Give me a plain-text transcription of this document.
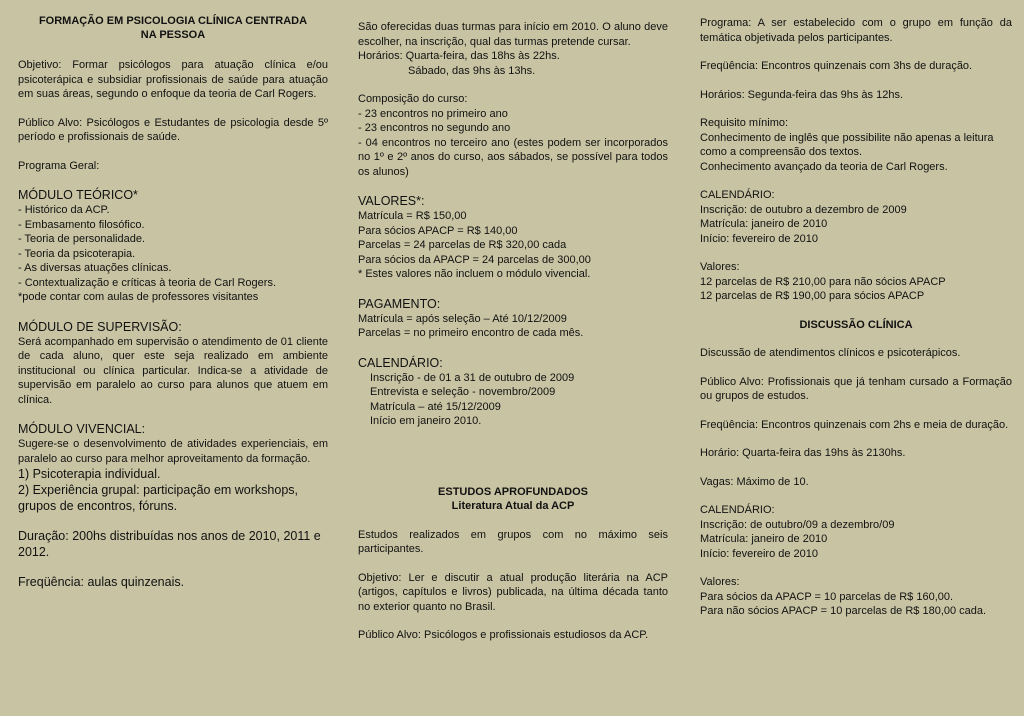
FORMAÇÃO EM PSICOLOGIA CLÍNICA CENTRADA
NA PESSOA

Objetivo: Formar psicólogos para atuação clínica e/ou psicoterápica e subsidiar profissionais de saúde para atuação em suas áreas, segundo o enfoque da teoria de Carl Rogers.

Público Alvo: Psicólogos e Estudantes de psicologia desde 5º período e profissionais de saúde.

Programa Geral:

MÓDULO TEÓRICO*

- Histórico da ACP.
- Embasamento filosófico.
- Teoria de personalidade.
- Teoria da psicoterapia.
- As diversas atuações clínicas.
- Contextualização e críticas à teoria de Carl Rogers.
*pode contar com aulas de professores visitantes

MÓDULO DE SUPERVISÃO:

Será acompanhado em supervisão o atendimento de 01 cliente de cada aluno, quer este seja realizado em ambiente institucional ou clínica particular. Indica-se a atividade de supervisão em paralelo ao curso para alunos que atuem em clínica.

MÓDULO VIVENCIAL:

Sugere-se o desenvolvimento de atividades experienciais, em paralelo ao curso para melhor aproveitamento da formação.

1) Psicoterapia individual.
2) Experiência grupal: participação em workshops, grupos de encontros, fóruns.

Duração: 200hs distribuídas nos anos de 2010, 2011 e 2012.

Freqüência: aulas quinzenais.

São oferecidas duas turmas para início em 2010. O aluno deve escolher, na inscrição, qual das turmas pretende cursar.

Horários: Quarta-feira, das 18hs às 22hs.

Sábado, das 9hs às 13hs.

Composição do curso:

- 23 encontros no primeiro ano
- 23 encontros no segundo ano

- 04 encontros no terceiro ano (estes podem ser incorporados no 1º e 2º anos do curso, aos sábados, se possível para todos os alunos)

VALORES*:

Matrícula = R$ 150,00
Para sócios APACP = R$ 140,00
Parcelas = 24 parcelas de R$ 320,00 cada
Para sócios da APACP = 24 parcelas de 300,00
* Estes valores não incluem o módulo vivencial.

PAGAMENTO:

Matrícula = após seleção – Até 10/12/2009
Parcelas = no primeiro encontro de cada mês.

CALENDÁRIO:

Inscrição - de 01 a 31 de outubro de 2009

Entrevista e seleção - novembro/2009
Matrícula – até 15/12/2009
Início em janeiro 2010.

ESTUDOS APROFUNDADOS

Literatura Atual da ACP

Estudos realizados em grupos com no máximo seis participantes.

Objetivo: Ler e discutir a atual produção literária na ACP (artigos, capítulos e livros) publicada, na última década tanto no exterior quanto no Brasil.

Público Alvo: Psicólogos e profissionais estudiosos da ACP.

Programa: A ser estabelecido com o grupo em função da temática objetivada pelos participantes.

Freqüência: Encontros quinzenais com 3hs de duração.

Horários: Segunda-feira das 9hs às 12hs.

Requisito mínimo:

Conhecimento de inglês que possibilite não apenas a leitura como a compreensão dos textos.

Conhecimento avançado da teoria de Carl Rogers.

CALENDÁRIO:

Inscrição: de outubro a dezembro de 2009
Matrícula: janeiro de 2010
Início: fevereiro de 2010

Valores:

12 parcelas de R$ 210,00 para não sócios APACP
12 parcelas de R$ 190,00 para sócios APACP

DISCUSSÃO CLÍNICA

Discussão de atendimentos clínicos e psicoterápicos.

Público Alvo: Profissionais que já tenham cursado a Formação ou grupos de estudos.

Freqüência: Encontros quinzenais com 2hs e meia de duração.

Horário: Quarta-feira das 19hs às 2130hs.

Vagas: Máximo de 10.

CALENDÁRIO:

Inscrição: de outubro/09 a dezembro/09
Matrícula: janeiro de 2010
Início: fevereiro de 2010

Valores:

Para sócios da APACP = 10 parcelas de R$ 160,00.
Para não sócios APACP = 10 parcelas de R$ 180,00 cada.
